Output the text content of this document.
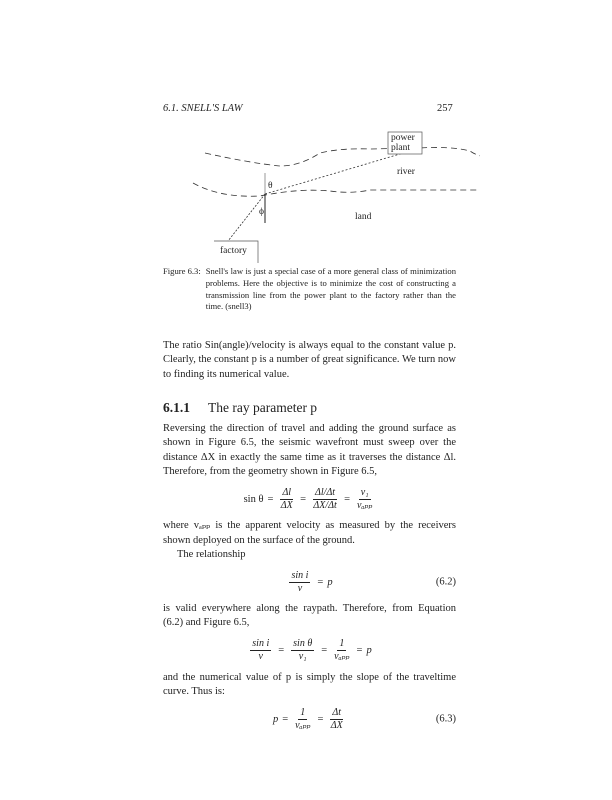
6.1. SNELL'S LAW	257
power
plant
river
land
factory
θ
ϕ
Figure 6.3: Snell's law is just a special case of a more general class of minimization problems. Here the objective is to minimize the cost of constructing a transmission line from the power plant to the factory rather than the time. (snell3)

The ratio Sin(angle)/velocity is always equal to the constant value p. Clearly, the constant p is a number of great significance. We turn now to finding its numerical value.

6.1.1 The ray parameter p

Reversing the direction of travel and adding the ground surface as shown in Figure 6.5, the seismic wavefront must sweep over the distance ΔX in exactly the same time as it traverses the distance Δl. Therefore, from the geometry shown in Figure 6.5,

$\sin \theta = \frac{\Delta l}{\Delta X} = \frac{\Delta l/\Delta t}{\Delta X/\Delta t} = \frac{\text{v₁}}{\text{vₐₚₚ}}$

where vₐₚₚ is the apparent velocity as measured by the receivers shown deployed on the surface of the ground.

The relationship

$\frac{\text{sin i}}{v} = p$	(6.2)

is valid everywhere along the raypath. Therefore, from Equation (6.2) and Figure 6.5,

$\frac{\text{sin i}}{v} = \frac{\text{sin θ}}{\text{v₁}} = \frac{1}{\text{vₐₚₚ}} = p$

and the numerical value of p is simply the slope of the traveltime curve. Thus is:

$p = \frac{1}{\text{vₐₚₚ}} = \frac{\Delta t}{\Delta X}$	(6.3)
